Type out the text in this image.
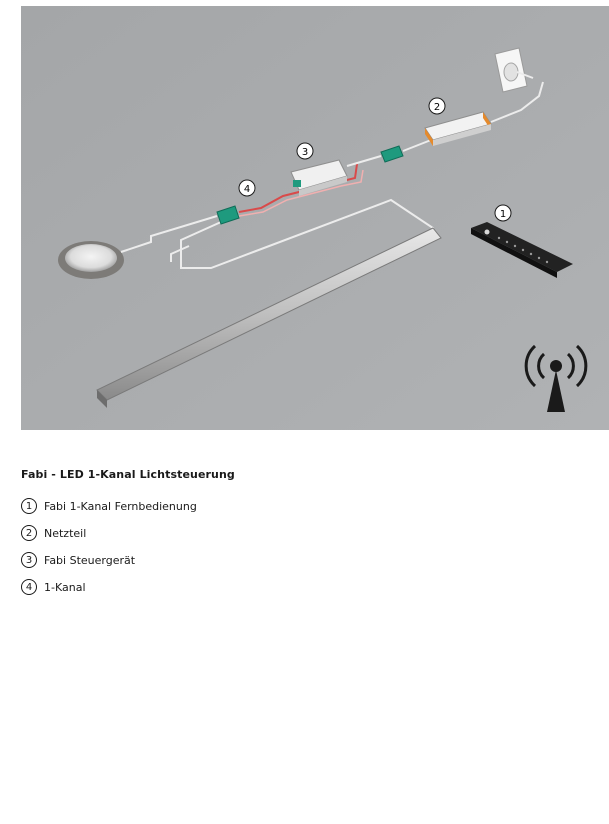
1
2
3
4
Fabi - LED 1-Kanal Lichtsteuerung
1	Fabi 1-Kanal Fernbedienung
2	Netzteil
3	Fabi Steuergerät
4	1-Kanal
